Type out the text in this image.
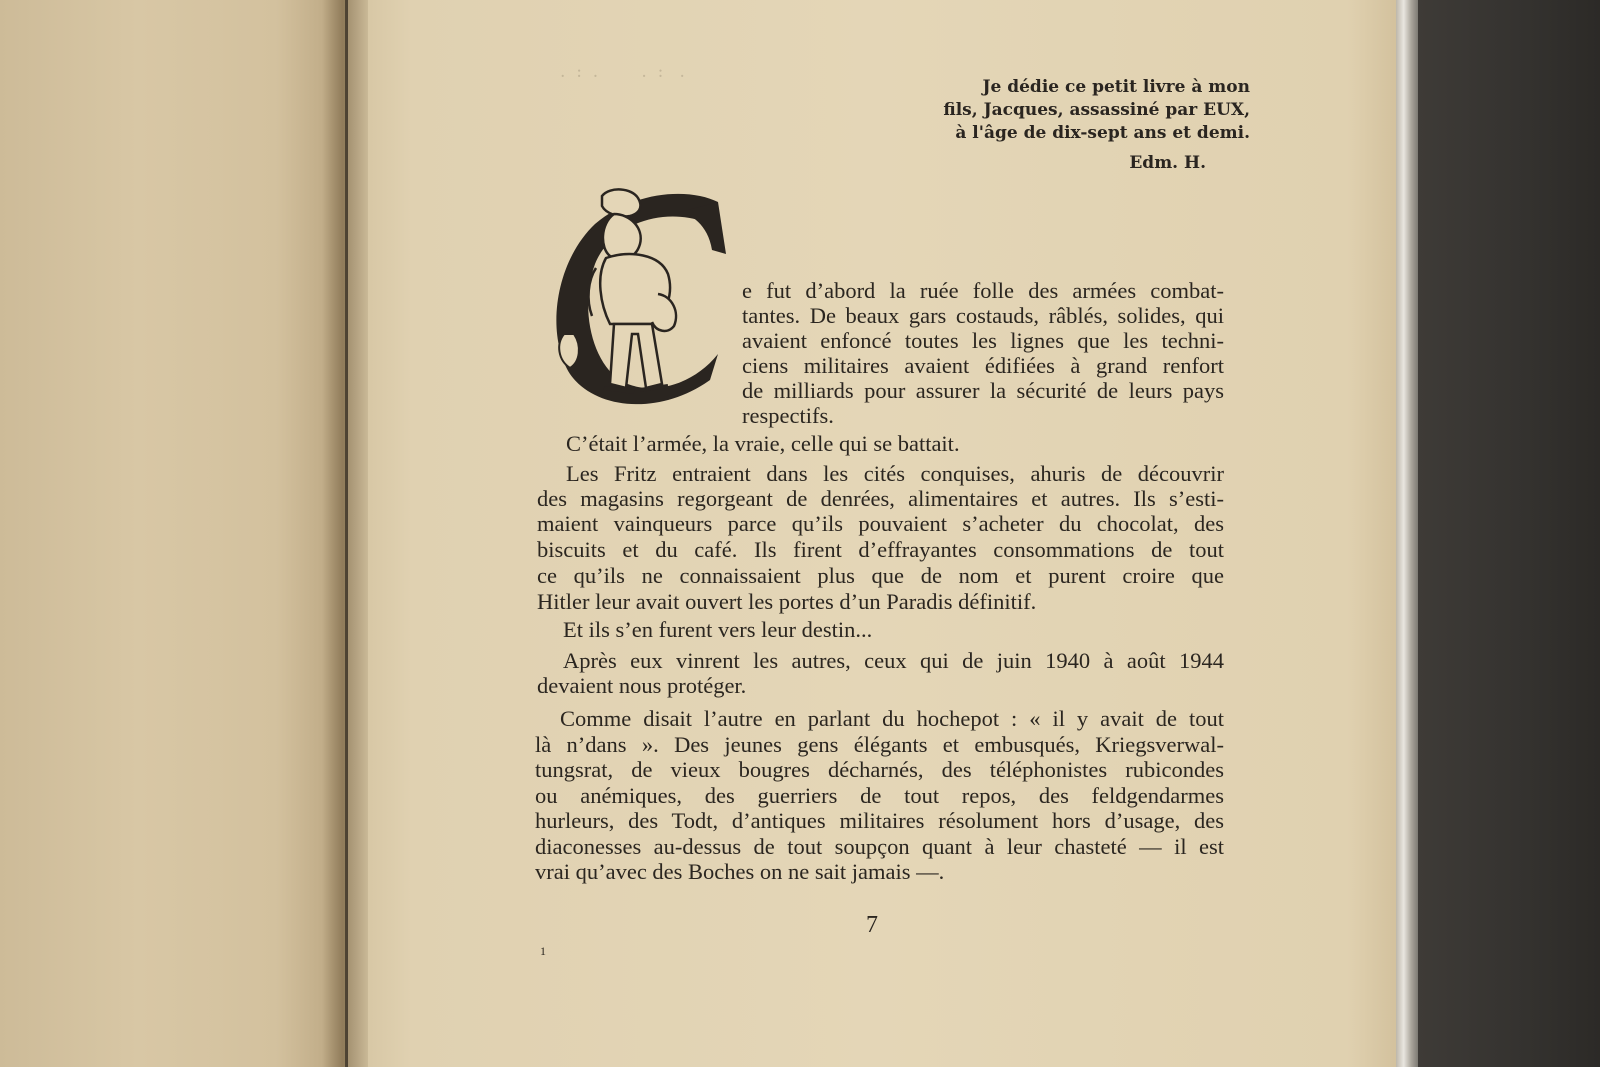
.  :  .        .  :   .
Je dédie ce petit livre à mon
fils, Jacques, assassiné par EUX,
à l'âge de dix-sept ans et demi.
Edm. H.
e fut d’abord la ruée folle des armées combat-
tantes. De beaux gars costauds, râblés, solides, qui
avaient enfoncé toutes les lignes que les techni-
ciens militaires avaient édifiées à grand renfort
de milliards pour assurer la sécurité de leurs pays
respectifs.
C’était l’armée, la vraie, celle qui se battait.
Les Fritz entraient dans les cités conquises, ahuris de découvrir
des magasins regorgeant de denrées, alimentaires et autres. Ils s’esti-
maient vainqueurs parce qu’ils pouvaient s’acheter du chocolat, des
biscuits et du café. Ils firent d’effrayantes consommations de tout
ce qu’ils ne connaissaient plus que de nom et purent croire que
Hitler leur avait ouvert les portes d’un Paradis définitif.
Et ils s’en furent vers leur destin...
Après eux vinrent les autres, ceux qui de juin 1940 à août 1944
devaient nous protéger.
Comme disait l’autre en parlant du hochepot : « il y avait de tout
là n’dans ». Des jeunes gens élégants et embusqués, Kriegsverwal-
tungsrat, de vieux bougres décharnés, des téléphonistes rubicondes
ou anémiques, des guerriers de tout repos, des feldgendarmes
hurleurs, des Todt, d’antiques militaires résolument hors d’usage, des
diaconesses au-dessus de tout soupçon quant à leur chasteté — il est
vrai qu’avec des Boches on ne sait jamais —.
7
1
